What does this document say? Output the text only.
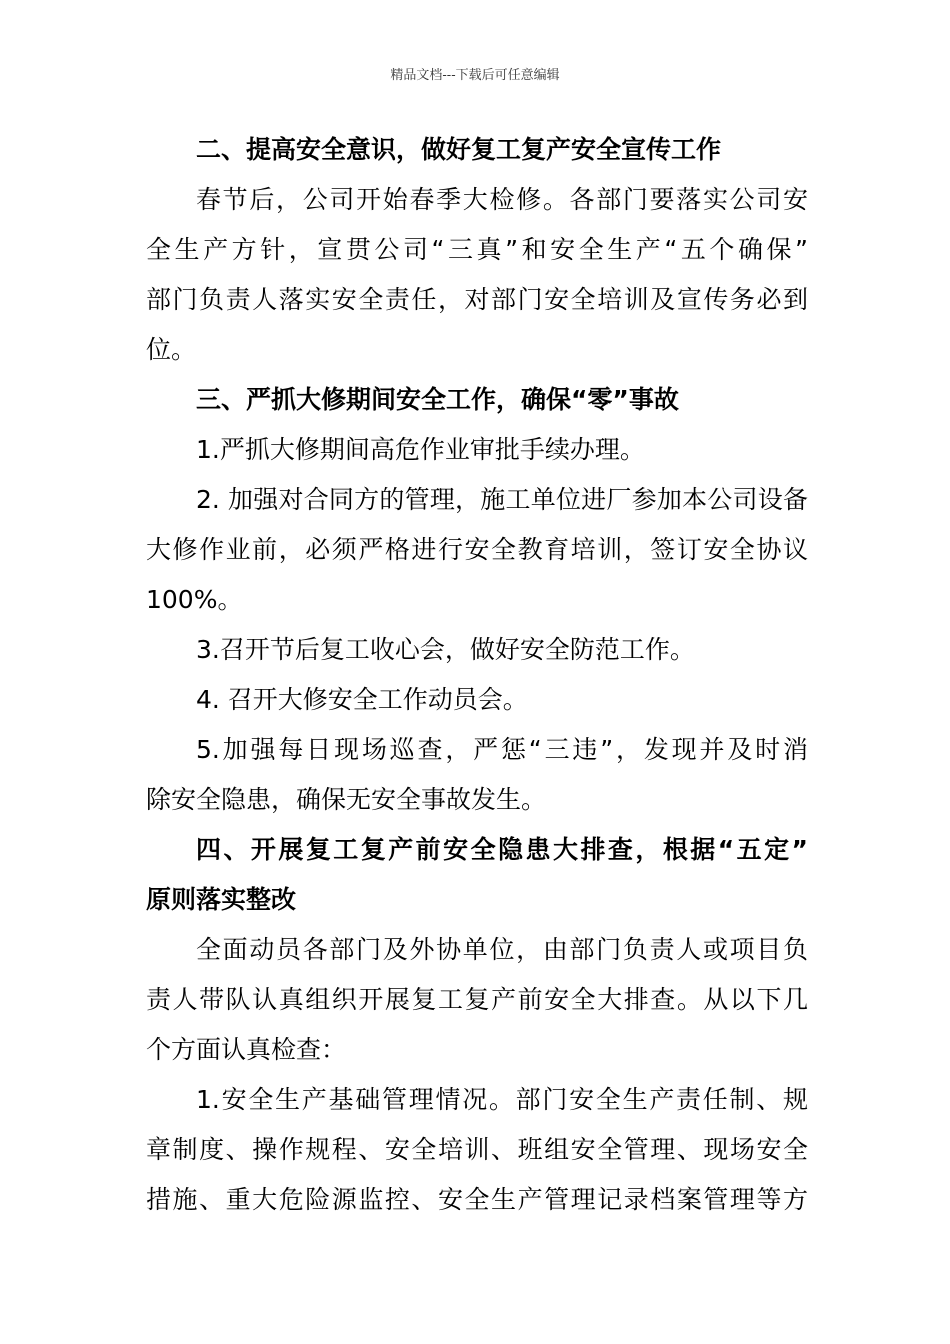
精品文档---下载后可任意编辑
二、提高安全意识，做好复工复产安全宣传工作
春节后，公司开始春季大检修。各部门要落实公司安
全生产方针，宣贯公司“三真”和安全生产“五个确保”
部门负责人落实安全责任，对部门安全培训及宣传务必到
位。
三、严抓大修期间安全工作，确保“零”事故
1.严抓大修期间高危作业审批手续办理。
2. 加强对合同方的管理，施工单位进厂参加本公司设备
大修作业前，必须严格进行安全教育培训，签订安全协议
100%。
3.召开节后复工收心会，做好安全防范工作。
4. 召开大修安全工作动员会。
5.加强每日现场巡查，严惩“三违”，发现并及时消
除安全隐患，确保无安全事故发生。
四、开展复工复产前安全隐患大排查，根据“五定”
原则落实整改
全面动员各部门及外协单位，由部门负责人或项目负
责人带队认真组织开展复工复产前安全大排查。从以下几
个方面认真检查：
1.安全生产基础管理情况。部门安全生产责任制、规
章制度、操作规程、安全培训、班组安全管理、现场安全
措施、重大危险源监控、安全生产管理记录档案管理等方
